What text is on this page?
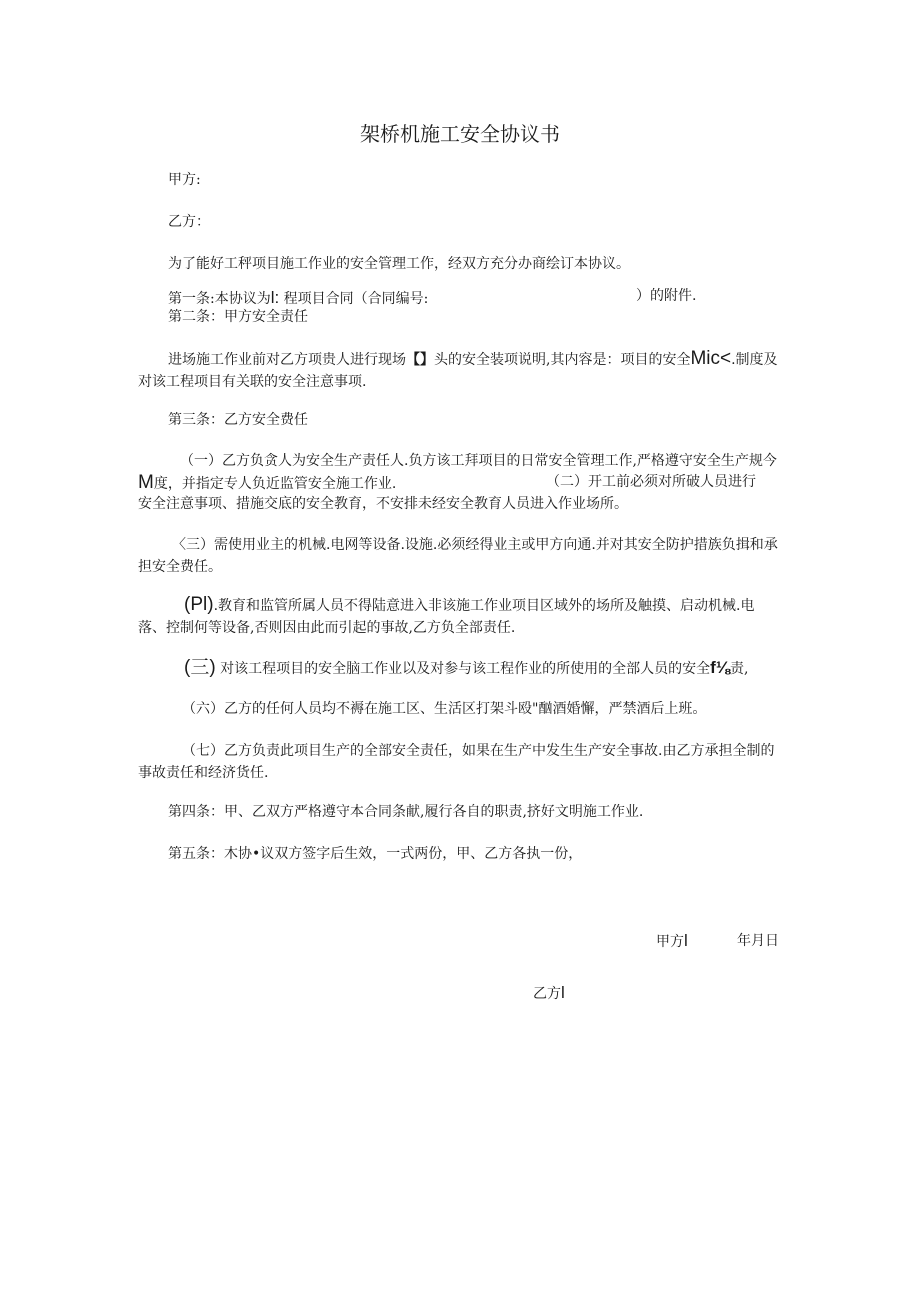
架桥机施工安全协议书
甲方:
乙方：
为了能好工秤项目施工作业的安全管理工作，经双方充分办商绘订本协议。
第一条:本协议为l: 程项目合同（合同编号:	）的附件.
第二条：甲方安全责任
进场施工作业前对乙方项贵人进行现场【】头的安全装项说明,其内容是：项目的安全Mic<.制度及对该工程项目有关联的安全注意事项.
第三条：乙方安全费任
（一）乙方负贪人为安全生产责任人.负方该工拜项目的日常安全管理工作,严格遵守安全生产规今M度，并指定专人负近监管安全施工作业.	（二）开工前必须对所破人员进行
安全注意事项、措施交底的安全教育，不安排未经安全教育人员进入作业场所。
〈三）需使用业主的机械.电网等设备.设施.必须经得业主或甲方向通.并对其安全防护措族负揖和承担安全费任。
(Pl).教育和监管所属人员不得陆意进入非该施工作业项目区域外的场所及触摸、启动机械.电落、控制何等设备,否则因由此而引起的事故,乙方负全部责任.
(三) 对该工程项目的安全脑工作业以及对参与该工程作业的所使用的全部人员的安全f⅛责,
（六）乙方的任何人员均不褥在施工区、生活区打架斗殴"酗酒婚懈，严禁酒后上班。
（七）乙方负责此项目生产的全部安全责任，如果在生产中发生生产安全事故.由乙方承担全制的事故责任和经济货任.
第四条：甲、乙双方严格遵守本合同条献,履行各自的职责,挤好文明施工作业.
第五条：木协•议双方签字后生效，一式两份，甲、乙方各执一份，
甲方l	年月日
乙方l
